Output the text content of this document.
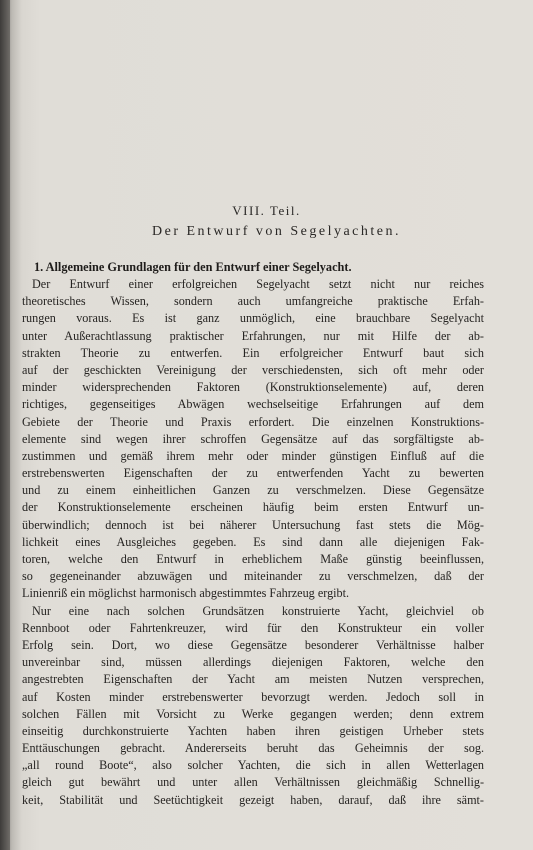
VIII. Teil.
Der Entwurf von Segelyachten.
1. Allgemeine Grundlagen für den Entwurf einer Segelyacht.
Der Entwurf einer erfolgreichen Segelyacht setzt nicht nur reiches
theoretisches Wissen, sondern auch umfangreiche praktische Erfah-
rungen voraus. Es ist ganz unmöglich, eine brauchbare Segelyacht
unter Außerachtlassung praktischer Erfahrungen, nur mit Hilfe der ab-
strakten Theorie zu entwerfen. Ein erfolgreicher Entwurf baut sich
auf der geschickten Vereinigung der verschiedensten, sich oft mehr oder
minder widersprechenden Faktoren (Konstruktionselemente) auf, deren
richtiges, gegenseitiges Abwägen wechselseitige Erfahrungen auf dem
Gebiete der Theorie und Praxis erfordert. Die einzelnen Konstruktions-
elemente sind wegen ihrer schroffen Gegensätze auf das sorgfältigste ab-
zustimmen und gemäß ihrem mehr oder minder günstigen Einfluß auf die
erstrebenswerten Eigenschaften der zu entwerfenden Yacht zu bewerten
und zu einem einheitlichen Ganzen zu verschmelzen. Diese Gegensätze
der Konstruktionselemente erscheinen häufig beim ersten Entwurf un-
überwindlich; dennoch ist bei näherer Untersuchung fast stets die Mög-
lichkeit eines Ausgleiches gegeben. Es sind dann alle diejenigen Fak-
toren, welche den Entwurf in erheblichem Maße günstig beeinflussen,
so gegeneinander abzuwägen und miteinander zu verschmelzen, daß der
Linienriß ein möglichst harmonisch abgestimmtes Fahrzeug ergibt.
Nur eine nach solchen Grundsätzen konstruierte Yacht, gleichviel ob
Rennboot oder Fahrtenkreuzer, wird für den Konstrukteur ein voller
Erfolg sein. Dort, wo diese Gegensätze besonderer Verhältnisse halber
unvereinbar sind, müssen allerdings diejenigen Faktoren, welche den
angestrebten Eigenschaften der Yacht am meisten Nutzen versprechen,
auf Kosten minder erstrebenswerter bevorzugt werden. Jedoch soll in
solchen Fällen mit Vorsicht zu Werke gegangen werden; denn extrem
einseitig durchkonstruierte Yachten haben ihren geistigen Urheber stets
Enttäuschungen gebracht. Andererseits beruht das Geheimnis der sog.
„all round Boote“, also solcher Yachten, die sich in allen Wetterlagen
gleich gut bewährt und unter allen Verhältnissen gleichmäßig Schnellig-
keit, Stabilität und Seetüchtigkeit gezeigt haben, darauf, daß ihre sämt-
